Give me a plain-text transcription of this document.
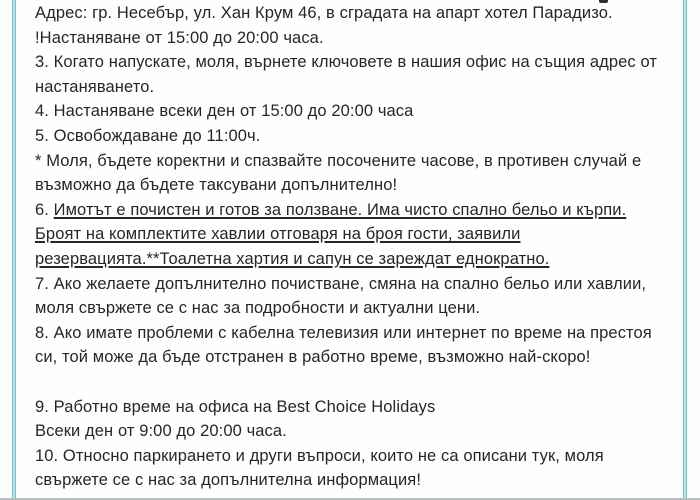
Адрес: гр. Несебър, ул. Хан Крум 46, в сградата на апарт хотел Парадизо.
!Настаняване от 15:00 до 20:00 часа.
3. Когато напускате, моля, върнете ключовете в нашия офис на същия адрес от
настаняването.
4. Настаняване всеки ден от 15:00 до 20:00 часа
5. Освобождаване до 11:00ч.
* Моля, бъдете коректни и спазвайте посочените часове, в противен случай е
възможно да бъдете таксувани допълнително!
6. Имотът е почистен и готов за ползване. Има чисто спално бельо и кърпи.
Броят на комплектите хавлии отговаря на броя гости, заявили
резервацията.**Тоалетна хартия и сапун се зареждат еднократно.
7. Ако желаете допълнително почистване, смяна на спално бельо или хавлии,
моля свържете се с нас за подробности и актуални цени.
8. Ако имате проблеми с кабелна телевизия или интернет по време на престоя
си, той може да бъде отстранен в работно време, възможно най-скоро!
9. Работно време на офиса на Best Choice Holidays
Всеки ден от 9:00 до 20:00 часа.
10. Относно паркирането и други въпроси, които не са описани тук, моля
свържете се с нас за допълнителна информация!
